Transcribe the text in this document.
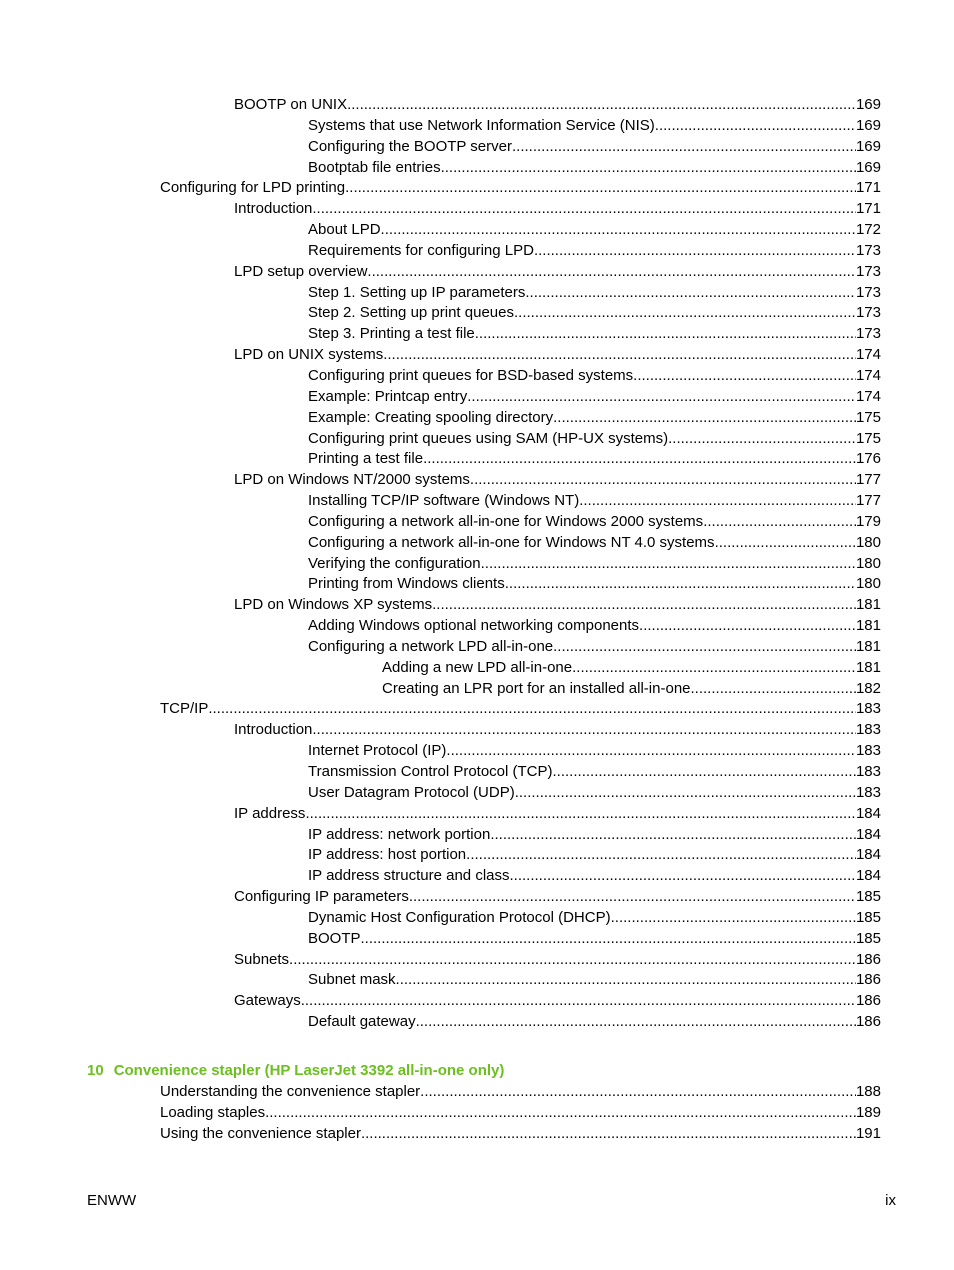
BOOTP on UNIX .....	169
Systems that use Network Information Service (NIS) .....	169
Configuring the BOOTP server .....	169
Bootptab file entries .....	169
Configuring for LPD printing .....	171
Introduction .....	171
About LPD .....	172
Requirements for configuring LPD .....	173
LPD setup overview .....	173
Step 1. Setting up IP parameters .....	173
Step 2. Setting up print queues .....	173
Step 3. Printing a test file .....	173
LPD on UNIX systems .....	174
Configuring print queues for BSD-based systems .....	174
Example: Printcap entry .....	174
Example: Creating spooling directory .....	175
Configuring print queues using SAM (HP-UX systems) .....	175
Printing a test file .....	176
LPD on Windows NT/2000 systems .....	177
Installing TCP/IP software (Windows NT) .....	177
Configuring a network all-in-one for Windows 2000 systems .....	179
Configuring a network all-in-one for Windows NT 4.0 systems .....	180
Verifying the configuration .....	180
Printing from Windows clients .....	180
LPD on Windows XP systems .....	181
Adding Windows optional networking components .....	181
Configuring a network LPD all-in-one .....	181
Adding a new LPD all-in-one .....	181
Creating an LPR port for an installed all-in-one .....	182
TCP/IP .....	183
Introduction .....	183
Internet Protocol (IP) .....	183
Transmission Control Protocol (TCP) .....	183
User Datagram Protocol (UDP) .....	183
IP address .....	184
IP address: network portion .....	184
IP address: host portion .....	184
IP address structure and class .....	184
Configuring IP parameters .....	185
Dynamic Host Configuration Protocol (DHCP) .....	185
BOOTP .....	185
Subnets .....	186
Subnet mask .....	186
Gateways .....	186
Default gateway .....	186
10 Convenience stapler (HP LaserJet 3392 all-in-one only)
Understanding the convenience stapler .....	188
Loading staples .....	189
Using the convenience stapler .....	191
ENWW	ix
